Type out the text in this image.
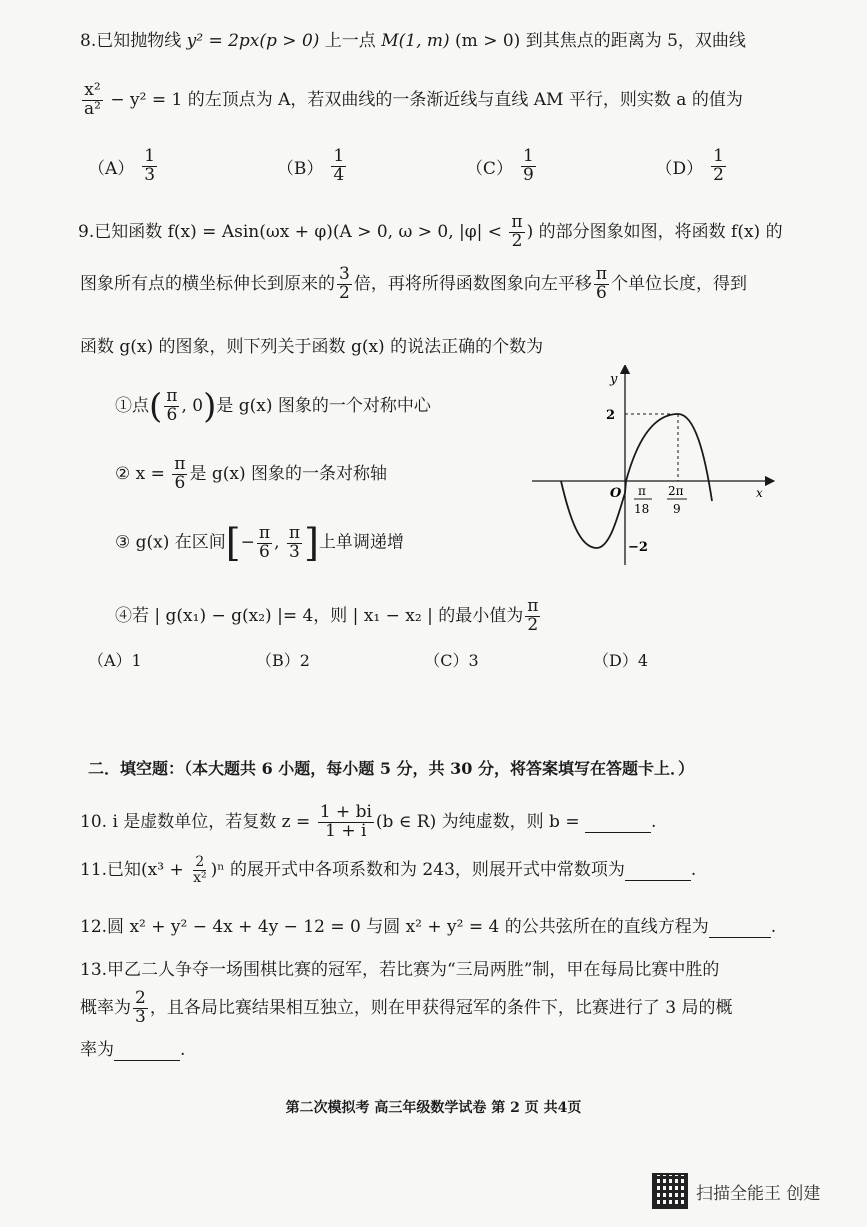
8.已知抛物线 y² = 2px(p > 0) 上一点 M(1, m) (m > 0) 到其焦点的距离为 5，双曲线
$\frac{\text{x²}}{\text{a²}} - y^2 = 1$ 的左顶点为 A，若双曲线的一条渐近线与直线 AM 平行，则实数 a 的值为
$(A) \frac{1}{3}$	$(B) \frac{1}{4}$	$(C) \frac{1}{9}$	$(D) \frac{1}{2}$
9.已知函数 f(x) = Asin(ωx + φ)(A > 0, ω > 0, $|\varphi| < \frac{\pi}{2}$ ) 的部分图象如图，将函数 f(x) 的
图象所有点的横坐标伸长到原来的 $\frac{3}{2}$ 倍，再将所得函数图象向左平移 $\frac{\pi}{6}$ 个单位长度，得到
函数 g(x) 的图象，则下列关于函数 g(x) 的说法正确的个数为
①点( $\frac{\pi}{6}$ , 0)是 g(x) 图象的一个对称中心
② $x = \frac{\pi}{6}$ 是 g(x) 图象的一条对称轴
③ g(x) 在区间[− $\frac{\pi}{6}$ , $\frac{\pi}{3}$ ]上单调递增
④若 | g(x₁) − g(x₂) |= 4，则 | x₁ − x₂ | 的最小值为 $\frac{\pi}{2}$
（A）1	（B）2	（C）3	（D）4
y
x
O
2
−2
π
18
2π
9
二．填空题：（本大题共 6 小题，每小题 5 分，共 30 分，将答案填写在答题卡上．）
10. i 是虚数单位，若复数 $z = \frac{1 + bi}{1 + i} (b$ ∈ R) 为纯虚数，则 b =	.
11.已知$(x^3 + \frac{2}{\text{x²}} )^n$ 的展开式中各项系数和为 243，则展开式中常数项为	.
12.圆 x² + y² − 4x + 4y − 12 = 0 与圆 x² + y² = 4 的公共弦所在的直线方程为	.
13.甲乙二人争夺一场围棋比赛的冠军，若比赛为“三局两胜”制，甲在每局比赛中胜的
概率为 $\frac{2}{3}$ ，且各局比赛结果相互独立，则在甲获得冠军的条件下，比赛进行了 3 局的概
率为	.
第二次模拟考 高三年级数学试卷 第 2 页 共4页
扫描全能王 创建
